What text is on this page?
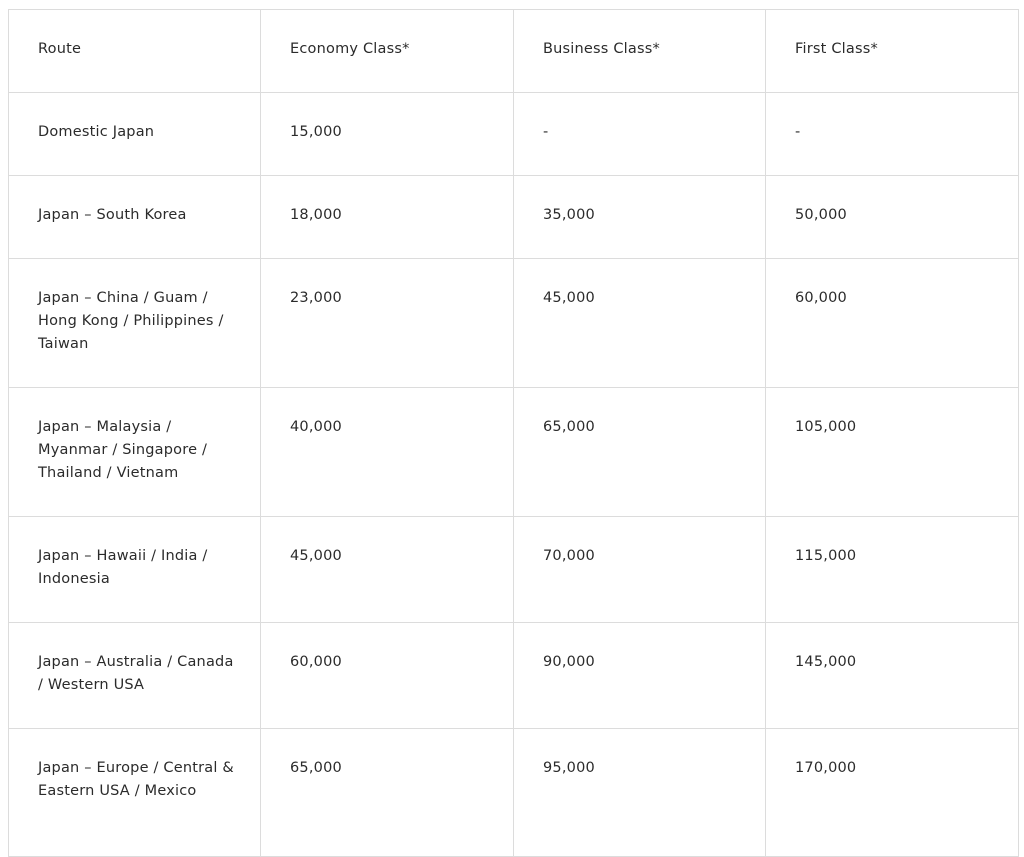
Route	Economy Class*	Business Class*	First Class*
Domestic Japan	15,000	-	-
Japan – South Korea	18,000	35,000	50,000
Japan – China / Guam / Hong Kong / Philippines / Taiwan	23,000	45,000	60,000
Japan – Malaysia / Myanmar / Singapore / Thailand / Vietnam	40,000	65,000	105,000
Japan – Hawaii / India / Indonesia	45,000	70,000	115,000
Japan – Australia / Canada / Western USA	60,000	90,000	145,000
Japan – Europe / Central & Eastern USA / Mexico	65,000	95,000	170,000
